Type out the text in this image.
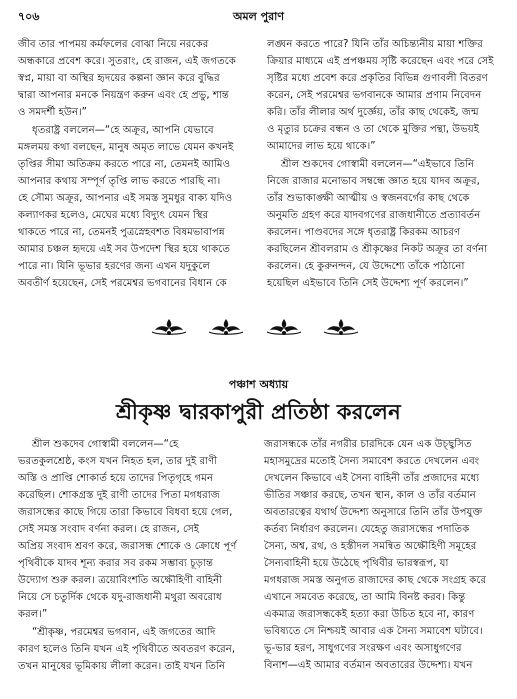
৭০৬	অমল পুরাণ

জীব তার পাপময় কর্মফলের বোঝা নিয়ে নরকের
অন্ধকারে প্রবেশ করে। সুতরাং, হে রাজন, এই জগতকে
স্বপ্ন, মায়া বা অস্থির হৃদয়ের কল্পনা জ্ঞান করে বুদ্ধির
দ্বারা আপনার মনকে নিয়ন্ত্রণ করুন এবং হে প্রভু, শান্ত
ও সমদর্শী হউন।”

ধৃতরাষ্ট্র বললেন—“হে অক্রূর, আপনি যেভাবে
মঙ্গলময় কথা বলছেন, মানুষ অমৃত লাভে যেমন কখনই
তৃপ্তির সীমা অতিক্রম করতে পারে না, তেমনই আমিও
আপনার কথায় সম্পূর্ণ তৃপ্তি লাভ করতে পারছি না।
হে সৌম্য অক্রূর, আপনার এই সমস্ত সুমধুর বাক্য যদিও
কল্যাণকর হলেও, মেঘের মধ্যে বিদ্যুৎ যেমন স্থির
থাকতে পারে না, তেমনই পুত্রস্নেহবশত বিষমভাবাপন্ন
আমার চঞ্চল হৃদয়ে এই সব উপদেশ স্থির হয়ে থাকতে
পারে না। যিনি ভূভার হরণের জন্য এখন যদুকুলে
অবতীর্ণ হয়েছেন, সেই পরমেশ্বর ভগবানের বিধান কে

লঙ্ঘন করতে পারে? যিনি তাঁর অচিন্ত্যনীয় মায়া শক্তির
ক্রিয়ার মাধ্যমে এই প্রপঞ্চময় সৃষ্টি করেছেন এবং পরে সেই
সৃষ্টির মধ্যে প্রবেশ করে প্রকৃতির বিভিন্ন গুণাবলী বিতরণ
করেন, সেই পরমেশ্বর ভগবানকে আমার প্রণাম নিবেদন
করি। তাঁর লীলার অর্থ দুর্জ্ঞেয়, তাঁর কাছ থেকেই, জন্ম
ও মৃত্যুর চক্রের বন্ধন ও তা থেকে মুক্তির পন্থা, উভয়ই
আমাদের লাভ হয়ে থাকে।”

শ্রীল শুকদেব গোস্বামী বললেন—“এইভাবে তিনি
নিজে রাজার মনোভাব সম্বন্ধে জ্ঞাত হয়ে যাদব অক্রূর,
তাঁর শুভাকাঙ্ক্ষী আত্মীয় ও স্বজনবর্গের কাছ থেকে
অনুমতি গ্রহণ করে যাদবগণের রাজধানীতে প্রত্যাবর্তন
করলেন। পাণ্ডবদের সঙ্গে ধৃতরাষ্ট্র কিরকম আচরণ
করছিলেন শ্রীবলরাম ও শ্রীকৃষ্ণের নিকট অক্রূর তা বর্ণনা
করলেন। হে কুরুনন্দন, যে উদ্দেশ্যে তাঁকে পাঠানো
হয়েছিল এইভাবে তিনি সেই উদ্দেশ্য পূর্ণ করলেন।”

পঞ্চাশ অধ্যায়
শ্রীকৃষ্ণ দ্বারকাপুরী প্রতিষ্ঠা করলেন

শ্রীল শুকদেব গোস্বামী বললেন—“হে
ভরতকুলশ্রেষ্ঠ, কংস যখন নিহত হল, তার দুই রাণী
অস্তি ও প্রাপ্তি শোকার্ত হয়ে তাদের পিতৃগৃহে গমন
করেছিল। শোকগ্রস্ত দুই রাণী তাদের পিতা মগধরাজ
জরাসন্ধের কাছে গিয়ে তারা কিভাবে বিধবা হয়ে গেল,
সেই সমস্ত সংবাদ বর্ণনা করল। হে রাজন, সেই
অপ্রিয় সংবাদ শ্রবণ করে, জরাসন্ধ শোকে ও ক্রোধে পূর্ণ
পৃথিবীকে যাদব শূন্য করার সব রকম সম্ভাব্য চূড়ান্ত
উদ্যোগ শুরু করল। ত্রয়োবিংশতি অক্ষৌহিণী বাহিনী
নিয়ে সে চতুর্দিক থেকে যদু-রাজধানী মথুরা অবরোধ
করল।”

“শ্রীকৃষ্ণ, পরমেশ্বর ভগবান, এই জগতের আদি
কারণ হলেও তিনি যখন এই পৃথিবীতে অবতরণ করেন,
তখন মানুষের ভূমিকায় লীলা করেন। তাই যখন তিনি

জরাসন্ধকে তাঁর নগরীর চারদিকে যেন এক উচ্ছ্বসিত
মহাসমুদ্রের মতোই সৈন্য সমাবেশ করতে দেখলেন এবং
দেখলেন কিভাবে এই সৈন্য বাহিনী তাঁর প্রজাদের মধ্যে
ভীতির সঞ্চার করছে, তখন স্থান, কাল ও তাঁর বর্তমান
অবতারত্বের যথার্থ উদ্দেশ্য অনুসারে তিনি তাঁর উপযুক্ত
কর্তব্য নির্ধারণ করলেন। যেহেতু জরাসন্ধের পদাতিক
সৈন্য, অশ্ব, রথ, ও হস্তীদল সমন্বিত অক্ষৌহিণী সমূহের
সৈন্যবাহিনী হয়ে উঠেছে পৃথিবীর ভারস্বরূপ, যা
মগধরাজ সমস্ত অনুগত রাজাদের কাছ থেকে সংগ্রহ করে
এখানে সমবেত করেছে, তা আমি বিনষ্ট করব। কিন্তু
একমাত্র জরাসন্ধকেই হত্যা করা উচিত হবে না, কারণ
ভবিষ্যতে সে নিশ্চয়ই আবার এক সৈন্য সমাবেশ ঘটাবে।
ভূ-ভার হরণ, সাধুগণের সংরক্ষণ এবং অসাধুগণের
বিনাশ—এই আমার বর্তমান অবতারের উদ্দেশ্য। যখন
